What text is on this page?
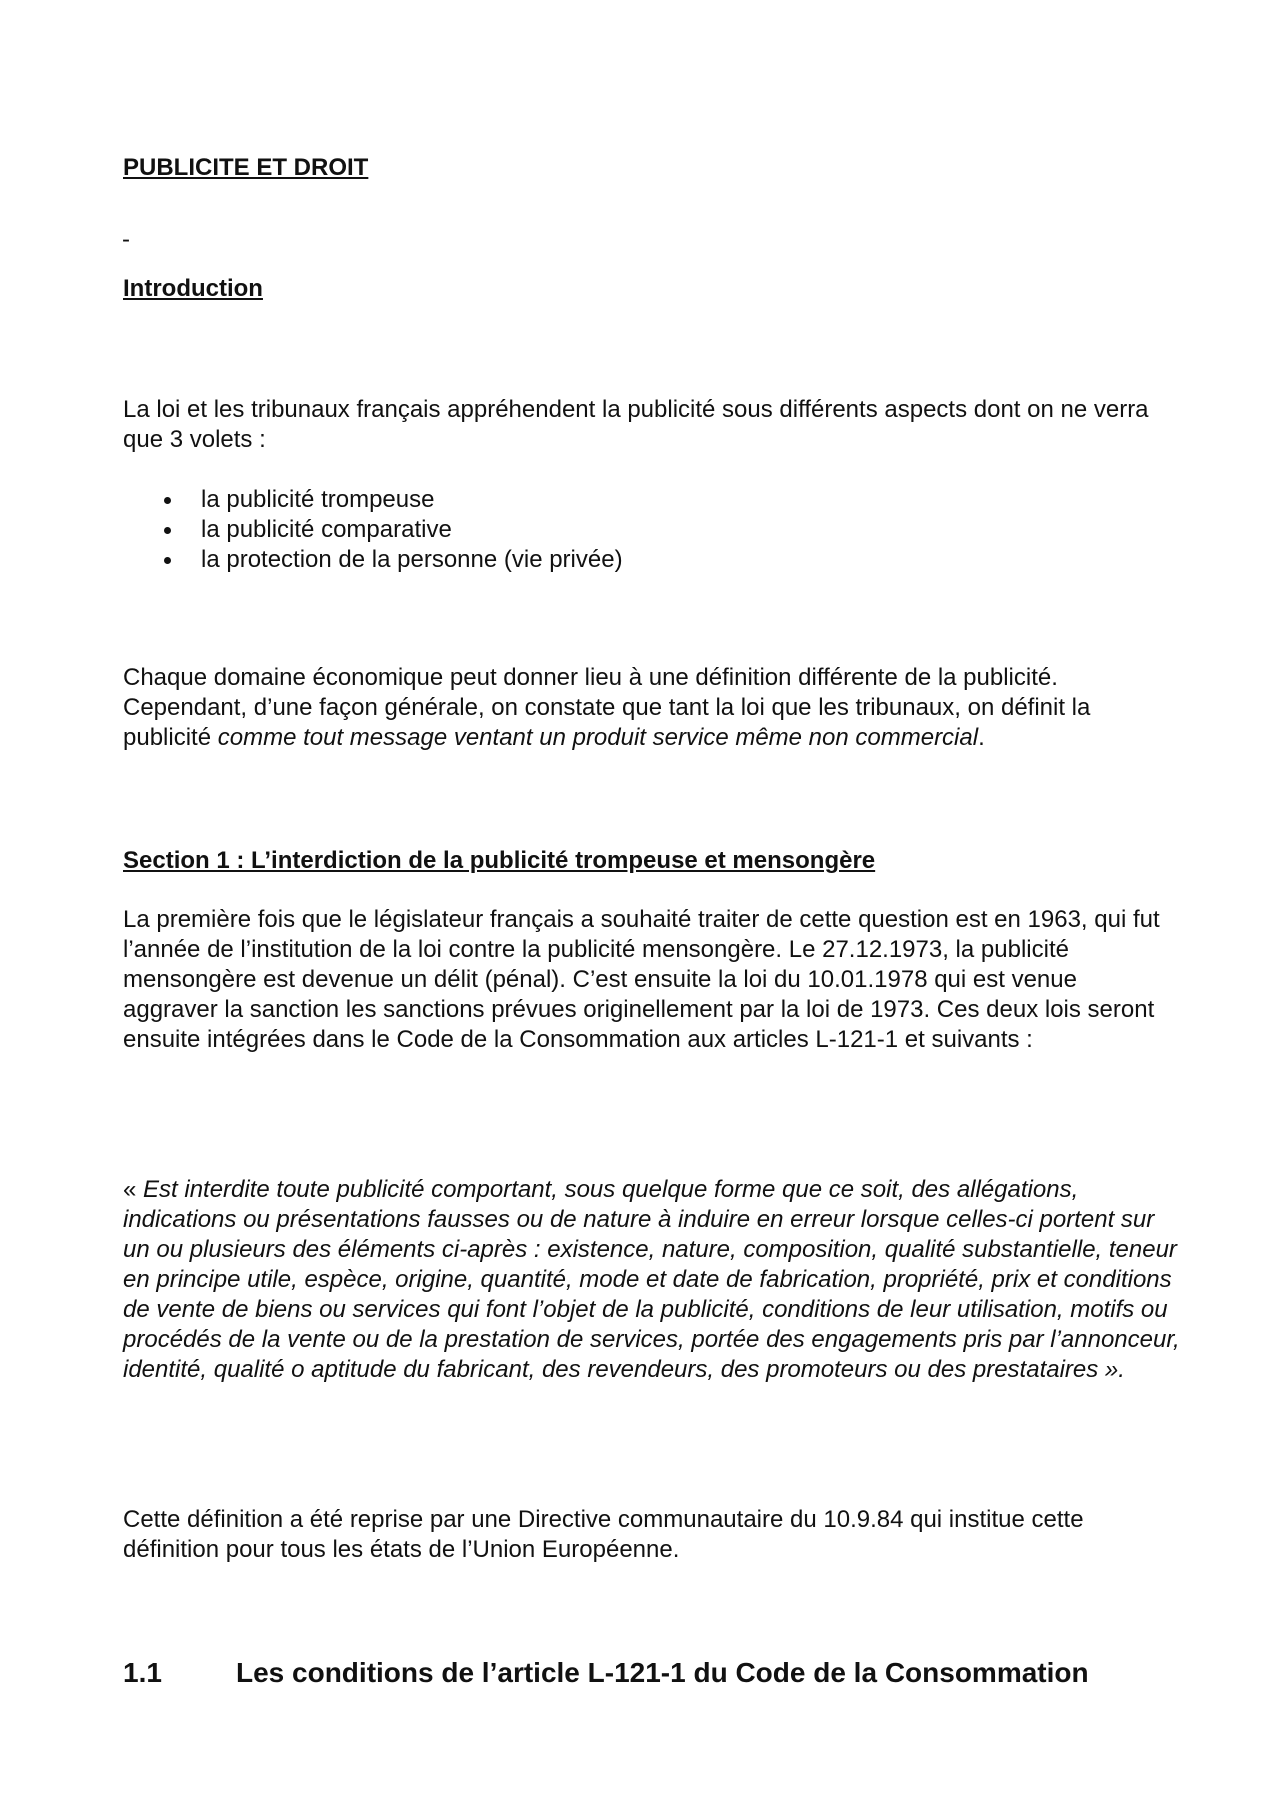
PUBLICITE ET DROIT

-

Introduction

La loi et les tribunaux français appréhendent la publicité sous différents aspects dont on ne verra que 3 volets :

la publicité trompeuse
la publicité comparative
la protection de la personne (vie privée)

Chaque domaine économique peut donner lieu à une définition différente de la publicité. Cependant, d’une façon générale, on constate que tant la loi que les tribunaux, on définit la publicité comme tout message ventant un produit service même non commercial.

Section 1 : L’interdiction de la publicité trompeuse et mensongère

La première fois que le législateur français a souhaité traiter de cette question est en 1963, qui fut l’année de l’institution de la loi contre la publicité mensongère. Le 27.12.1973, la publicité mensongère est devenue un délit (pénal). C’est ensuite la loi du 10.01.1978 qui est venue aggraver la sanction les sanctions prévues originellement par la loi de 1973. Ces deux lois seront ensuite intégrées dans le Code de la Consommation aux articles L-121-1 et suivants :

« Est interdite toute publicité comportant, sous quelque forme que ce soit, des allégations, indications ou présentations fausses ou de nature à induire en erreur lorsque celles-ci portent sur un ou plusieurs des éléments ci-après : existence, nature, composition, qualité substantielle, teneur en principe utile, espèce, origine, quantité, mode et date de fabrication, propriété, prix et conditions de vente de biens ou services qui font l’objet de la publicité, conditions de leur utilisation, motifs ou procédés de la vente ou de la prestation de services, portée des engagements pris par l’annonceur, identité, qualité o aptitude du fabricant, des revendeurs, des promoteurs ou des prestataires ».

Cette définition a été reprise par une Directive communautaire du 10.9.84 qui institue cette définition pour tous les états de l’Union Européenne.

1.1	Les conditions de l’article L-121-1 du Code de la Consommation
